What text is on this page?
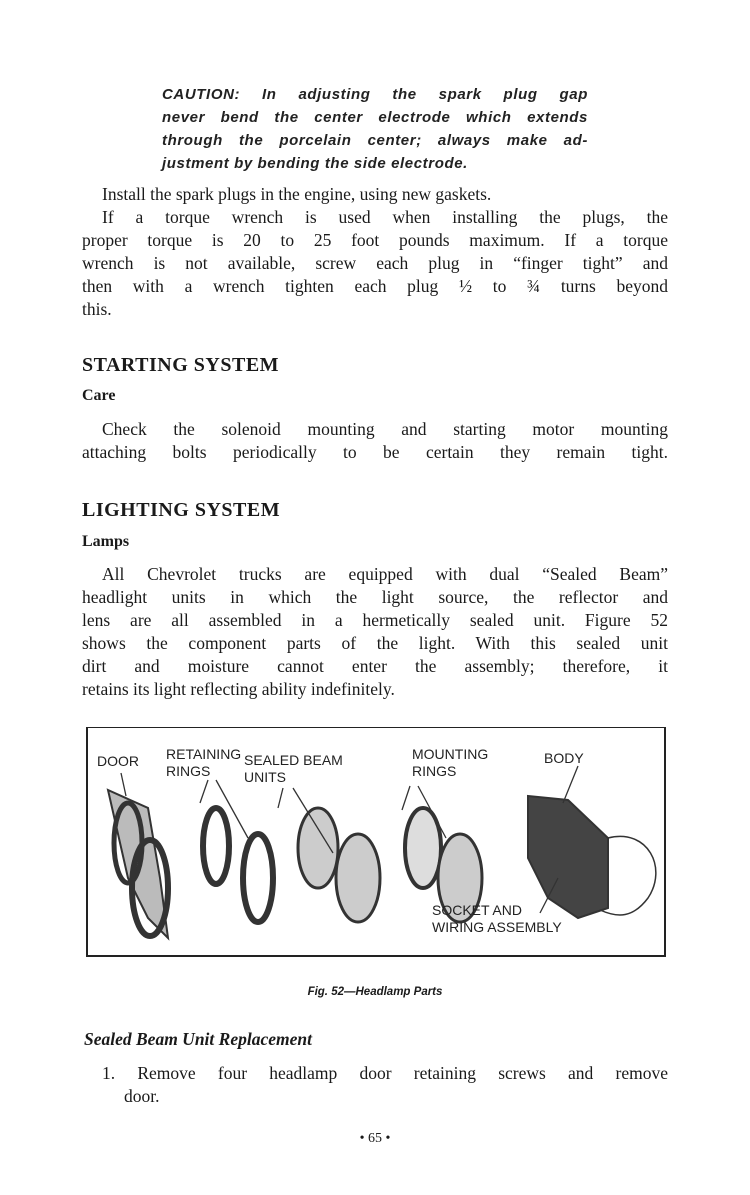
CAUTION: In adjusting the spark plug gap
never bend the center electrode which extends
through the porcelain center; always make ad-
justment by bending the side electrode.
Install the spark plugs in the engine, using new gaskets.
If a torque wrench is used when installing the plugs, the
proper torque is 20 to 25 foot pounds maximum. If a torque
wrench is not available, screw each plug in “finger tight” and
then with a wrench tighten each plug ½ to ¾ turns beyond
this.
STARTING SYSTEM
Care
Check the solenoid mounting and starting motor mounting
attaching bolts periodically to be certain they remain tight.
LIGHTING SYSTEM
Lamps
All Chevrolet trucks are equipped with dual “Sealed Beam”
headlight units in which the light source, the reflector and
lens are all assembled in a hermetically sealed unit. Figure 52
shows the component parts of the light. With this sealed unit
dirt and moisture cannot enter the assembly; therefore, it
retains its light reflecting ability indefinitely.
DOOR RETAINING
RINGS
SEALED BEAM
UNITS
MOUNTING
RINGS
BODY
SOCKET AND
WIRING ASSEMBLY
Fig. 52—Headlamp Parts
Sealed Beam Unit Replacement
1. Remove four headlamp door retaining screws and remove
door.
• 65 •
